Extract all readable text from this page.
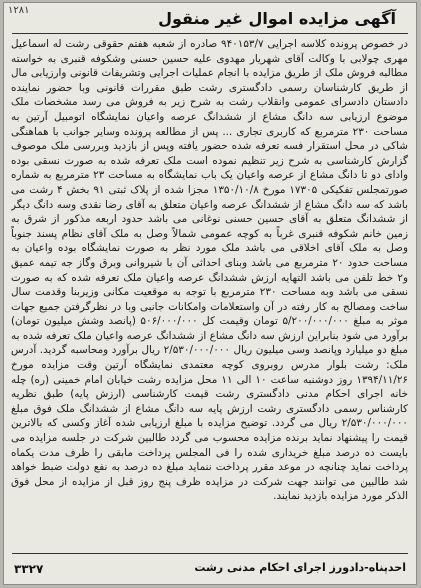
۱۲۸۱	آگهی مزایده اموال غیر منقول
در خصوص پرونده کلاسه اجرایی ۹۴۰۱۵۳/۷ صادره از شعبه هفتم حقوقی رشت له اسماعیل مهری چولابی با وکالت آقای شهریار مهدوی علیه حسین حسنی وشکوفه قنبری به خواسته مطالبه فروش ملک از طریق مزایده با انجام عملیات اجرایی وتشریفات قانونی وارزیابی مال از طریق کارشناسان رسمی دادگستری رشت طبق مقررات قانونی وبا حضور نماینده دادستان دادسرای عمومی وانقلاب رشت به شرح زیر به فروش می رسد مشخصات ملک موضوع ارزیابی سه دانگ مشاع از ششدانگ عرصه واعیان نمایشگاه اتومبیل آرتین به مساحت ۲۳۰ مترمربع که کاربری تجاری ... پس از مطالعه پرونده وسایر جوانب با هماهنگی شاکی در محل استقرار فسه تعرفه شده حضور یافته وپس از بازدید وبررسی ملک موصوف گزارش کارشناسی به شرح زیر تنظیم نموده است ملک تعرفه شده به صورت نسقی بوده وادای دو تا دانگ مشاع از عرصه واعیان یک باب نمایشگاه به مساحت ۲۳ مترمربع به شماره صورتمجلس تفکیکی ۱۷۳۰۵ مورخ ۱۳۵۰/۱۰/۸ مجزا شده از پلاک ثبتی ۹۱ بخش ۴ رشت می باشد که سه دانگ مشاع از ششدانگ عرصه واعیان متعلق به آقای رضا نقدی وسه دانگ دیگر از ششدانگ متعلق به آقای حسین حسنی نوغانی می باشد حدود اربعه مذکور از شرق به زمین خانم شکوفه قنبری غرباً به کوچه عمومی شمالاً وصل به ملک آقای نظام پسند جنوباً وصل به ملک آقای اخلاقی می باشد ملک مورد نظر به صورت نمایشگاه بوده واعیان به مساحت حدود ۲۰ مترمربع می باشد وبنای احداثی آن با شیروانی وبرق وگاز جه تیمه عمیق و۲ خط تلفن می باشد التهایه ارزش ششدانگ عرصه واعیان ملک تعرفه شده که به صورت نسقی می باشد وبه مساحت ۲۳۰ مترمربع با توجه به موقعیت مکانی وزیربنا وقدمت سال ساخت ومصالح به کار رفته در آن واستعلامات وامکانات جانبی وبا در نظرگرفتن جمیع جهات موثر به مبلغ ۵/۲۰۰/۰۰۰/۰۰۰ تومان وقیمت کل ۵۰۶/۰۰۰/۰۰۰ (پانصد وشش میلیون تومان) برآورد می شود بنابراین ارزش سه دانگ مشاع از ششدانگ عرصه واعیان ملک تعرفه شده به مبلغ دو میلیارد وپانصد وسی میلیون ریال ۲/۵۳۰/۰۰۰/۰۰۰ ریال برآورد ومحاسبه گردید. آدرس ملک: رشت بلوار مدرس روبروی کوچه معتمدی نمایشگاه آرتین وقت مزایده مورخ ۱۳۹۴/۱۱/۲۶ روز دوشنبه ساعت ۱۰ الی ۱۱ محل مزایده رشت خیابان امام خمینی (ره) چله خانه اجرای احکام مدنی دادگستری رشت قیمت کارشناسی (ارزش پایه) طبق نظریه کارشناس رسمی دادگستری رشت ارزش پایه سه دانگ مشاع از ششدانگ ملک فوق مبلغ ۲/۵۳۰/۰۰۰/۰۰۰ ریال می گردد. توضیح مزایده با مبلغ ارزیابی شده آغاز وکسی که بالاترین قیمت را پیشنهاد نماید برنده مزایده محسوب می گردد طالبین شرکت در جلسه مزایده می بایست ده درصد مبلغ خریداری شده را فی المجلس پرداخت مابقی را ظرف مدت یکماه پرداخت نماید چنانچه در موعد مقرر پرداخت ننماید مبلغ ده درصد به نفع دولت ضبط خواهد شد طالبین می توانند جهت شرکت در مزایده ظرف پنج روز قبل از مزایده از محل فوق الذکر مورد مزایده بازدید نمایند.
احدپناه-دادورز اجرای احکام مدنی رشت
۳۳۲۷
